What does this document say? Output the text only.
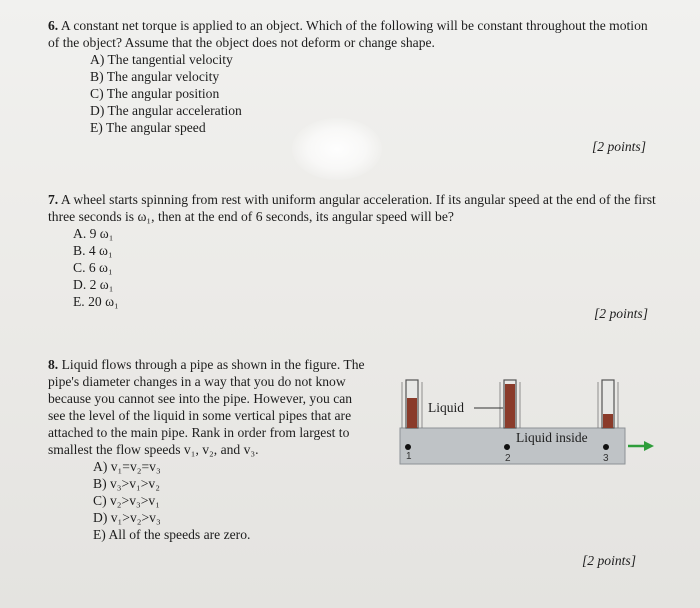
6. A constant net torque is applied to an object. Which of the following will be constant throughout the motion of the object? Assume that the object does not deform or change shape.

A) The tangential velocity
B) The angular velocity
C) The angular position
D) The angular acceleration
E) The angular speed
[2 points]

7. A wheel starts spinning from rest with uniform angular acceleration. If its angular speed at the end of the first three seconds is ω₁, then at the end of 6 seconds, its angular speed will be?

A. 9 ω₁
B. 4 ω₁
C. 6 ω₁
D. 2 ω₁
E. 20 ω₁
[2 points]

8. Liquid flows through a pipe as shown in the figure. The pipe's diameter changes in a way that you do not know because you cannot see into the pipe. However, you can see the level of the liquid in some vertical pipes that are attached to the main pipe. Rank in order from largest to smallest the flow speeds v₁, v₂, and v₃.

A) v₁=v₂=v₃
B) v₃>v₁>v₂
C) v₂>v₃>v₁
D) v₁>v₂>v₃
E) All of the speeds are zero.
[2 points]
Liquid
Liquid inside
1	2	3
